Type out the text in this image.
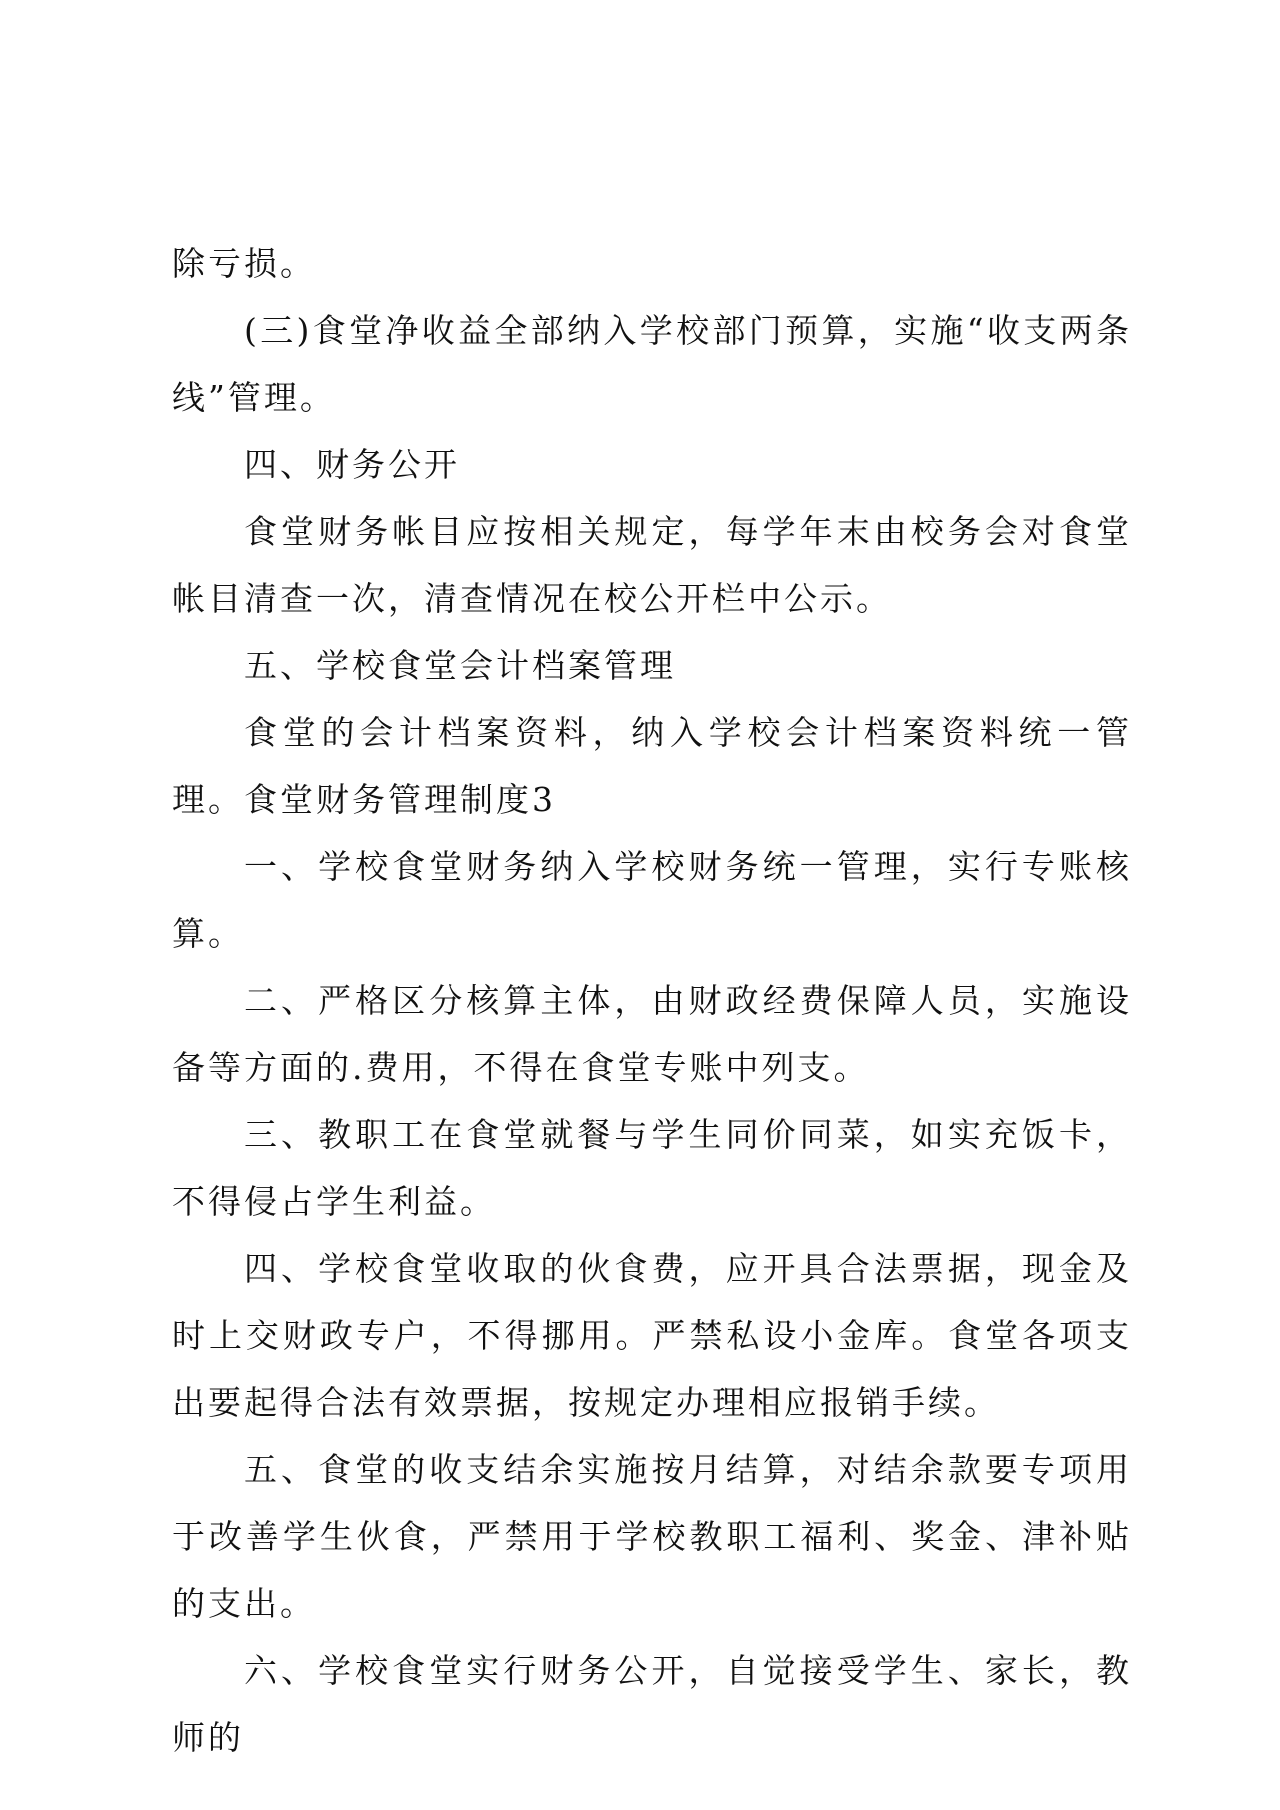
除亏损。

(三)食堂净收益全部纳入学校部门预算，实施“收支两条线”管理。

四、财务公开

食堂财务帐目应按相关规定，每学年末由校务会对食堂帐目清查一次，清查情况在校公开栏中公示。

五、学校食堂会计档案管理

食堂的会计档案资料，纳入学校会计档案资料统一管理。食堂财务管理制度3

一、学校食堂财务纳入学校财务统一管理，实行专账核算。

二、严格区分核算主体，由财政经费保障人员，实施设备等方面的.费用，不得在食堂专账中列支。

三、教职工在食堂就餐与学生同价同菜，如实充饭卡，不得侵占学生利益。

四、学校食堂收取的伙食费，应开具合法票据，现金及时上交财政专户，不得挪用。严禁私设小金库。食堂各项支出要起得合法有效票据，按规定办理相应报销手续。

五、食堂的收支结余实施按月结算，对结余款要专项用于改善学生伙食，严禁用于学校教职工福利、奖金、津补贴的支出。

六、学校食堂实行财务公开，自觉接受学生、家长，教师的
